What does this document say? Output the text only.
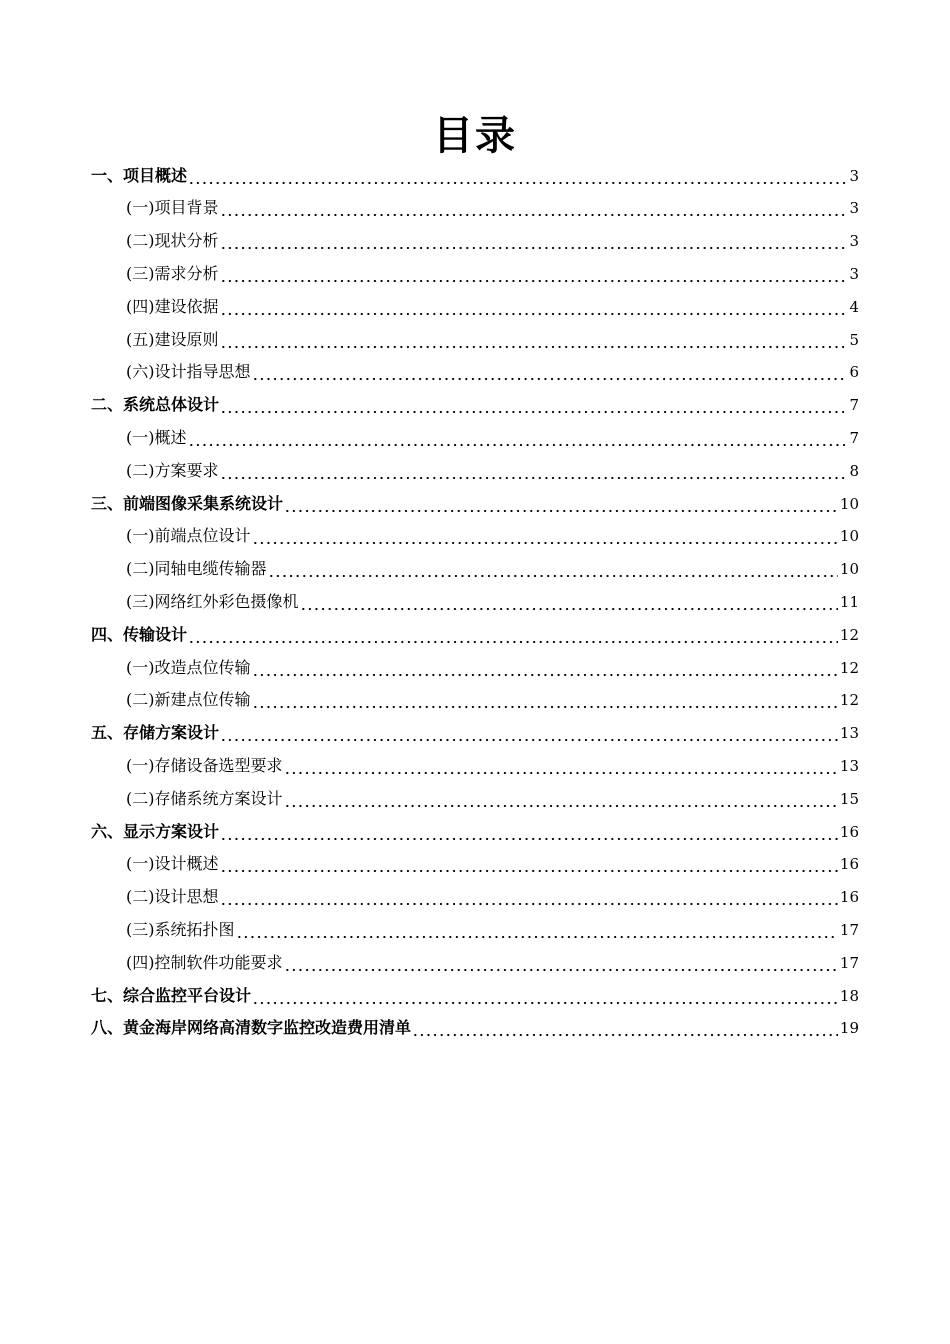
目录
一、项目概述	3
(一)项目背景	3
(二)现状分析	3
(三)需求分析	3
(四)建设依据	4
(五)建设原则	5
(六)设计指导思想	6
二、系统总体设计	7
(一)概述	7
(二)方案要求	8
三、前端图像采集系统设计	10
(一)前端点位设计	10
(二)同轴电缆传输器	10
(三)网络红外彩色摄像机	11
四、传输设计	12
(一)改造点位传输	12
(二)新建点位传输	12
五、存储方案设计	13
(一)存储设备选型要求	13
(二)存储系统方案设计	15
六、显示方案设计	16
(一)设计概述	16
(二)设计思想	16
(三)系统拓扑图	17
(四)控制软件功能要求	17
七、综合监控平台设计	18
八、黄金海岸网络高清数字监控改造费用清单	19
